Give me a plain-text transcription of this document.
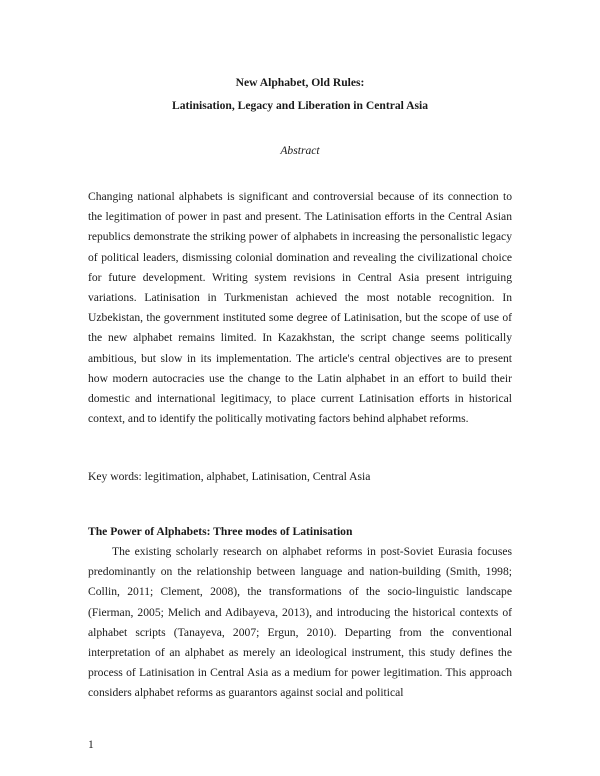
New Alphabet, Old Rules:
Latinisation, Legacy and Liberation in Central Asia
Abstract

Changing national alphabets is significant and controversial because of its connection to the legitimation of power in past and present. The Latinisation efforts in the Central Asian republics demonstrate the striking power of alphabets in increasing the personalistic legacy of political leaders, dismissing colonial domination and revealing the civilizational choice for future development. Writing system revisions in Central Asia present intriguing variations. Latinisation in Turkmenistan achieved the most notable recognition. In Uzbekistan, the government instituted some degree of Latinisation, but the scope of use of the new alphabet remains limited. In Kazakhstan, the script change seems politically ambitious, but slow in its implementation. The article's central objectives are to present how modern autocracies use the change to the Latin alphabet in an effort to build their domestic and international legitimacy, to place current Latinisation efforts in historical context, and to identify the politically motivating factors behind alphabet reforms.

Key words: legitimation, alphabet, Latinisation, Central Asia

The Power of Alphabets: Three modes of Latinisation

The existing scholarly research on alphabet reforms in post-Soviet Eurasia focuses predominantly on the relationship between language and nation-building (Smith, 1998; Collin, 2011; Clement, 2008), the transformations of the socio-linguistic landscape (Fierman, 2005; Melich and Adibayeva, 2013), and introducing the historical contexts of alphabet scripts (Tanayeva, 2007; Ergun, 2010). Departing from the conventional interpretation of an alphabet as merely an ideological instrument, this study defines the process of Latinisation in Central Asia as a medium for power legitimation. This approach considers alphabet reforms as guarantors against social and political

1
